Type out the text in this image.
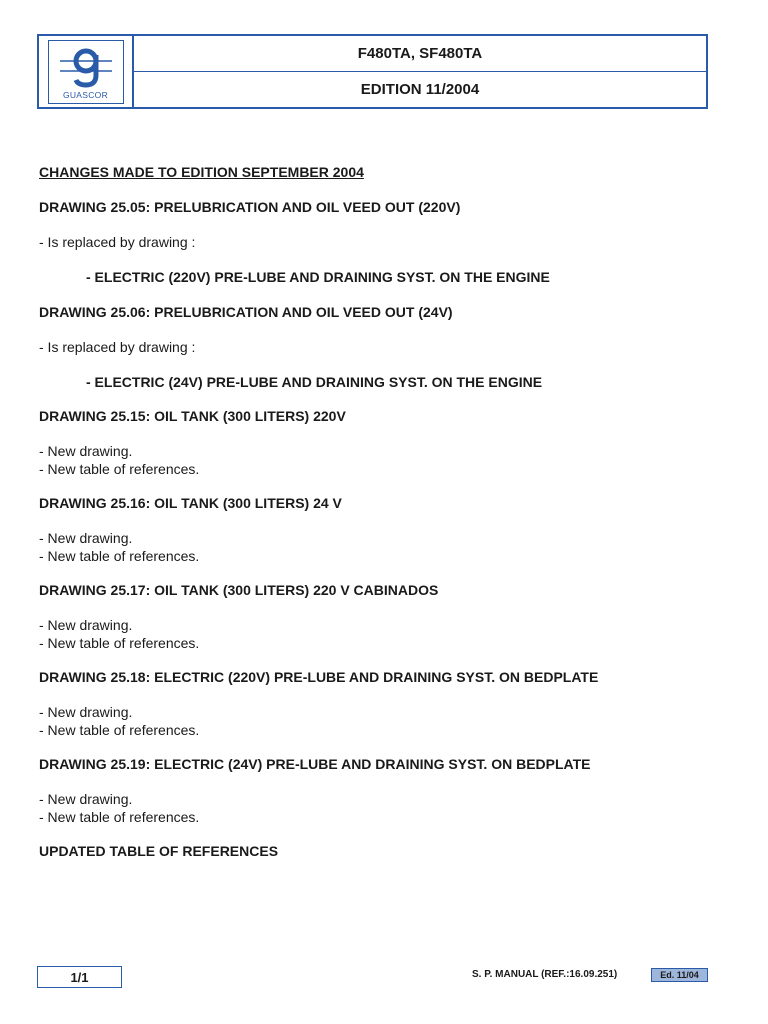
GUASCOR
F480TA, SF480TA
EDITION 11/2004
CHANGES MADE TO EDITION SEPTEMBER 2004
DRAWING 25.05: PRELUBRICATION AND OIL VEED OUT (220V)
- Is replaced by drawing :
- ELECTRIC (220V) PRE-LUBE AND DRAINING SYST. ON THE ENGINE
DRAWING 25.06: PRELUBRICATION AND OIL VEED OUT (24V)
- Is replaced by drawing :
- ELECTRIC (24V) PRE-LUBE AND DRAINING SYST. ON THE ENGINE
DRAWING 25.15: OIL TANK (300 LITERS) 220V
- New drawing.
- New table of references.
DRAWING 25.16: OIL TANK (300 LITERS) 24 V
- New drawing.
- New table of references.
DRAWING 25.17: OIL TANK (300 LITERS) 220 V CABINADOS
- New drawing.
- New table of references.
DRAWING 25.18: ELECTRIC (220V) PRE-LUBE AND DRAINING SYST. ON BEDPLATE
- New drawing.
- New table of references.
DRAWING 25.19: ELECTRIC (24V) PRE-LUBE AND DRAINING SYST. ON BEDPLATE
- New drawing.
- New table of references.
UPDATED TABLE OF REFERENCES
1/1	S. P. MANUAL (REF.:16.09.251)	Ed. 11/04
